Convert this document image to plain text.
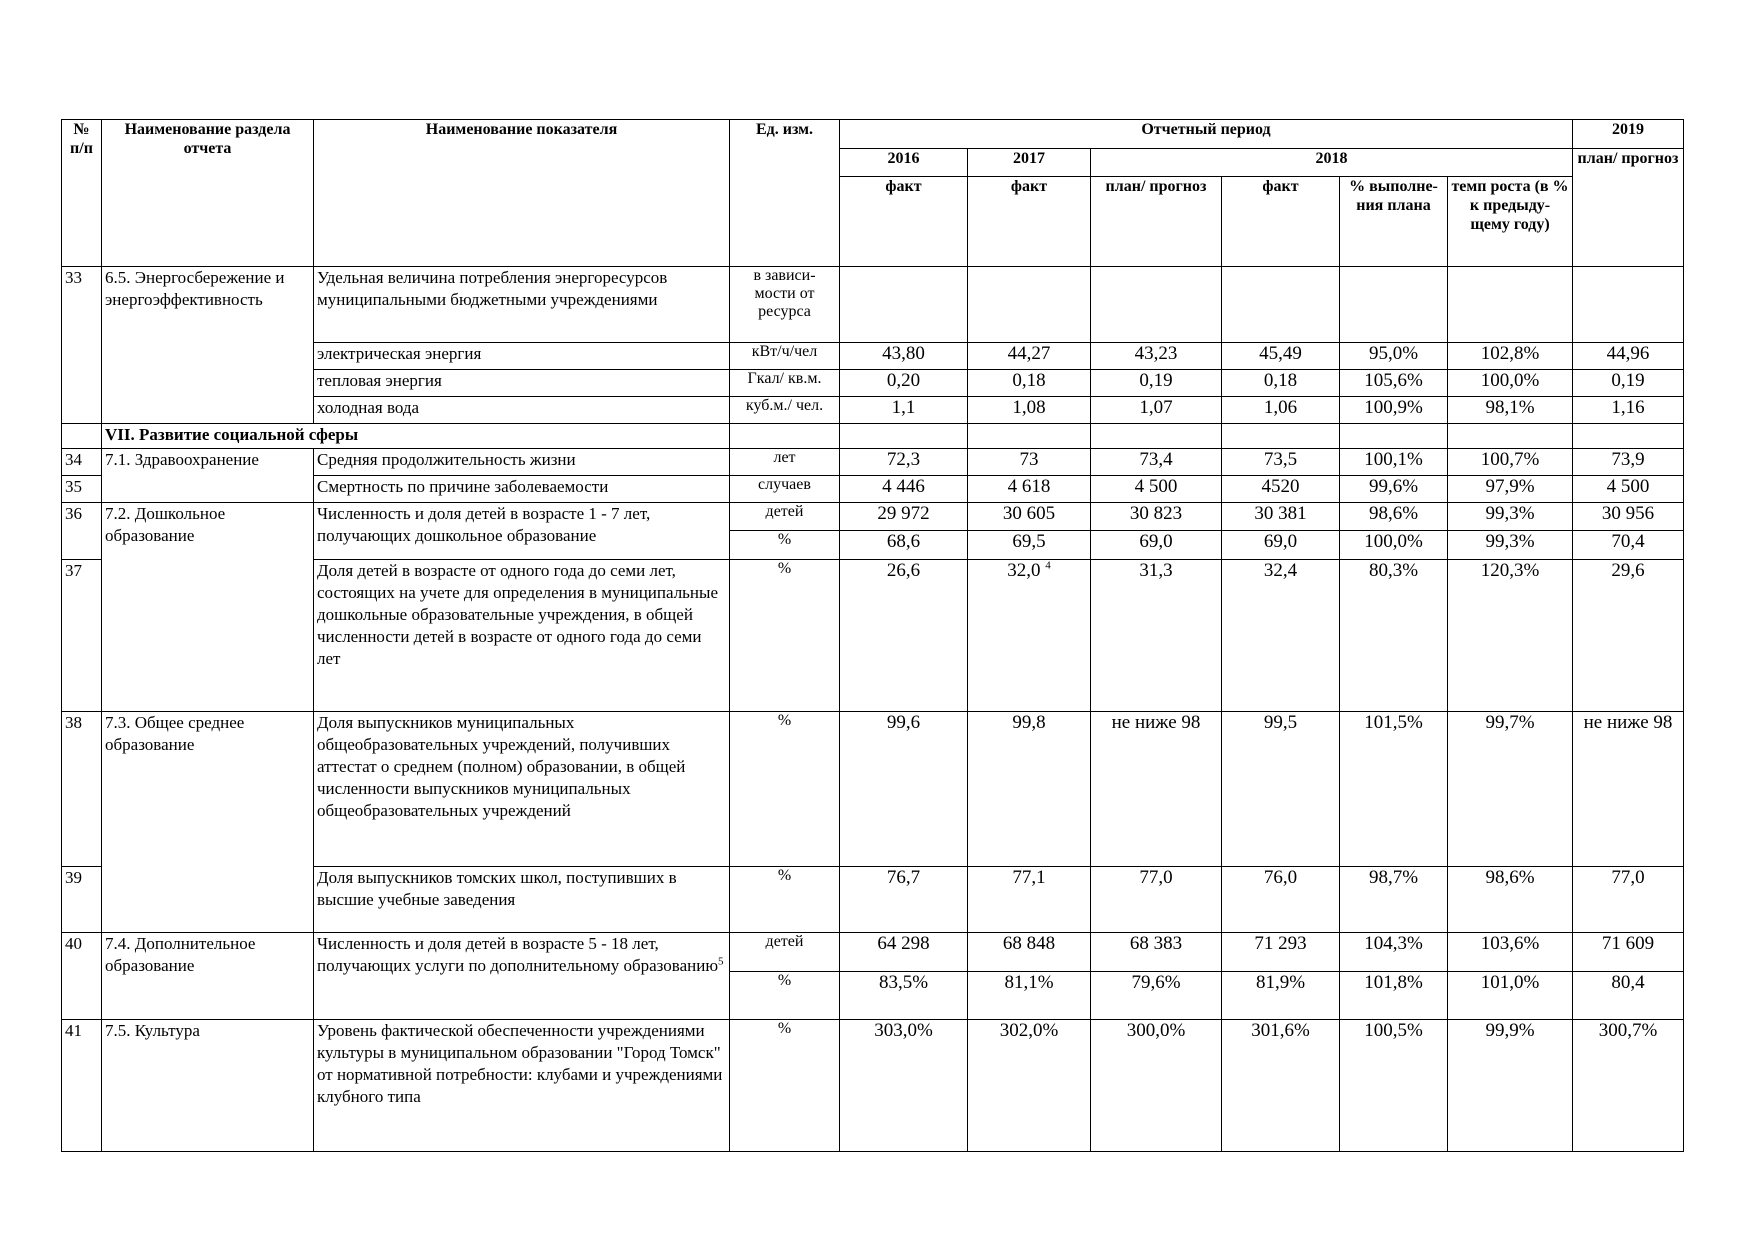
№ п/п	Наименование раздела отчета	Наименование показателя	Ед. изм.	Отчетный период						2019
				2016	2017	2018				план/ прогноз
				факт	факт	план/ прогноз	факт	% выполне- ния плана	темп роста (в % к предыду- щему году)	
33	6.5. Энергосбережение и энергоэффективность	Удельная величина потребления энергоресурсов муниципальными бюджетными учреждениями	в зависи- мости от ресурса							
		электрическая энергия	кВт/ч/чел	43,80	44,27	43,23	45,49	95,0%	102,8%	44,96
		тепловая энергия	Гкал/ кв.м.	0,20	0,18	0,19	0,18	105,6%	100,0%	0,19
		холодная вода	куб.м./ чел.	1,1	1,08	1,07	1,06	100,9%	98,1%	1,16
	VII. Развитие социальной сферы									
34	7.1. Здравоохранение	Средняя продолжительность жизни	лет	72,3	73	73,4	73,5	100,1%	100,7%	73,9
35		Смертность по причине заболеваемости	случаев	4 446	4 618	4 500	4520	99,6%	97,9%	4 500
36	7.2. Дошкольное образование	Численность и доля детей в возрасте 1 - 7 лет, получающих дошкольное образование	детей	29 972	30 605	30 823	30 381	98,6%	99,3%	30 956
			%	68,6	69,5	69,0	69,0	100,0%	99,3%	70,4
37		Доля детей в возрасте от одного года до семи лет, состоящих на учете для определения в муниципальные дошкольные образовательные учреждения, в общей численности детей в возрасте от одного года до семи лет	%	26,6	32,0 $^4$	31,3	32,4	80,3%	120,3%	29,6
38	7.3. Общее среднее образование	Доля выпускников муниципальных общеобразовательных учреждений, получивших аттестат о среднем (полном) образовании, в общей численности выпускников муниципальных общеобразовательных учреждений	%	99,6	99,8	не ниже 98	99,5	101,5%	99,7%	не ниже 98
39		Доля выпускников томских школ, поступивших в высшие учебные заведения	%	76,7	77,1	77,0	76,0	98,7%	98,6%	77,0
40	7.4. Дополнительное образование	Численность и доля детей в возрасте 5 - 18 лет, получающих услуги по дополнительному образованию$^5$	детей	64 298	68 848	68 383	71 293	104,3%	103,6%	71 609
			%	83,5%	81,1%	79,6%	81,9%	101,8%	101,0%	80,4
41	7.5. Культура	Уровень фактической обеспеченности учреждениями культуры в муниципальном образовании "Город Томск" от нормативной потребности: клубами и учреждениями клубного типа	%	303,0%	302,0%	300,0%	301,6%	100,5%	99,9%	300,7%
